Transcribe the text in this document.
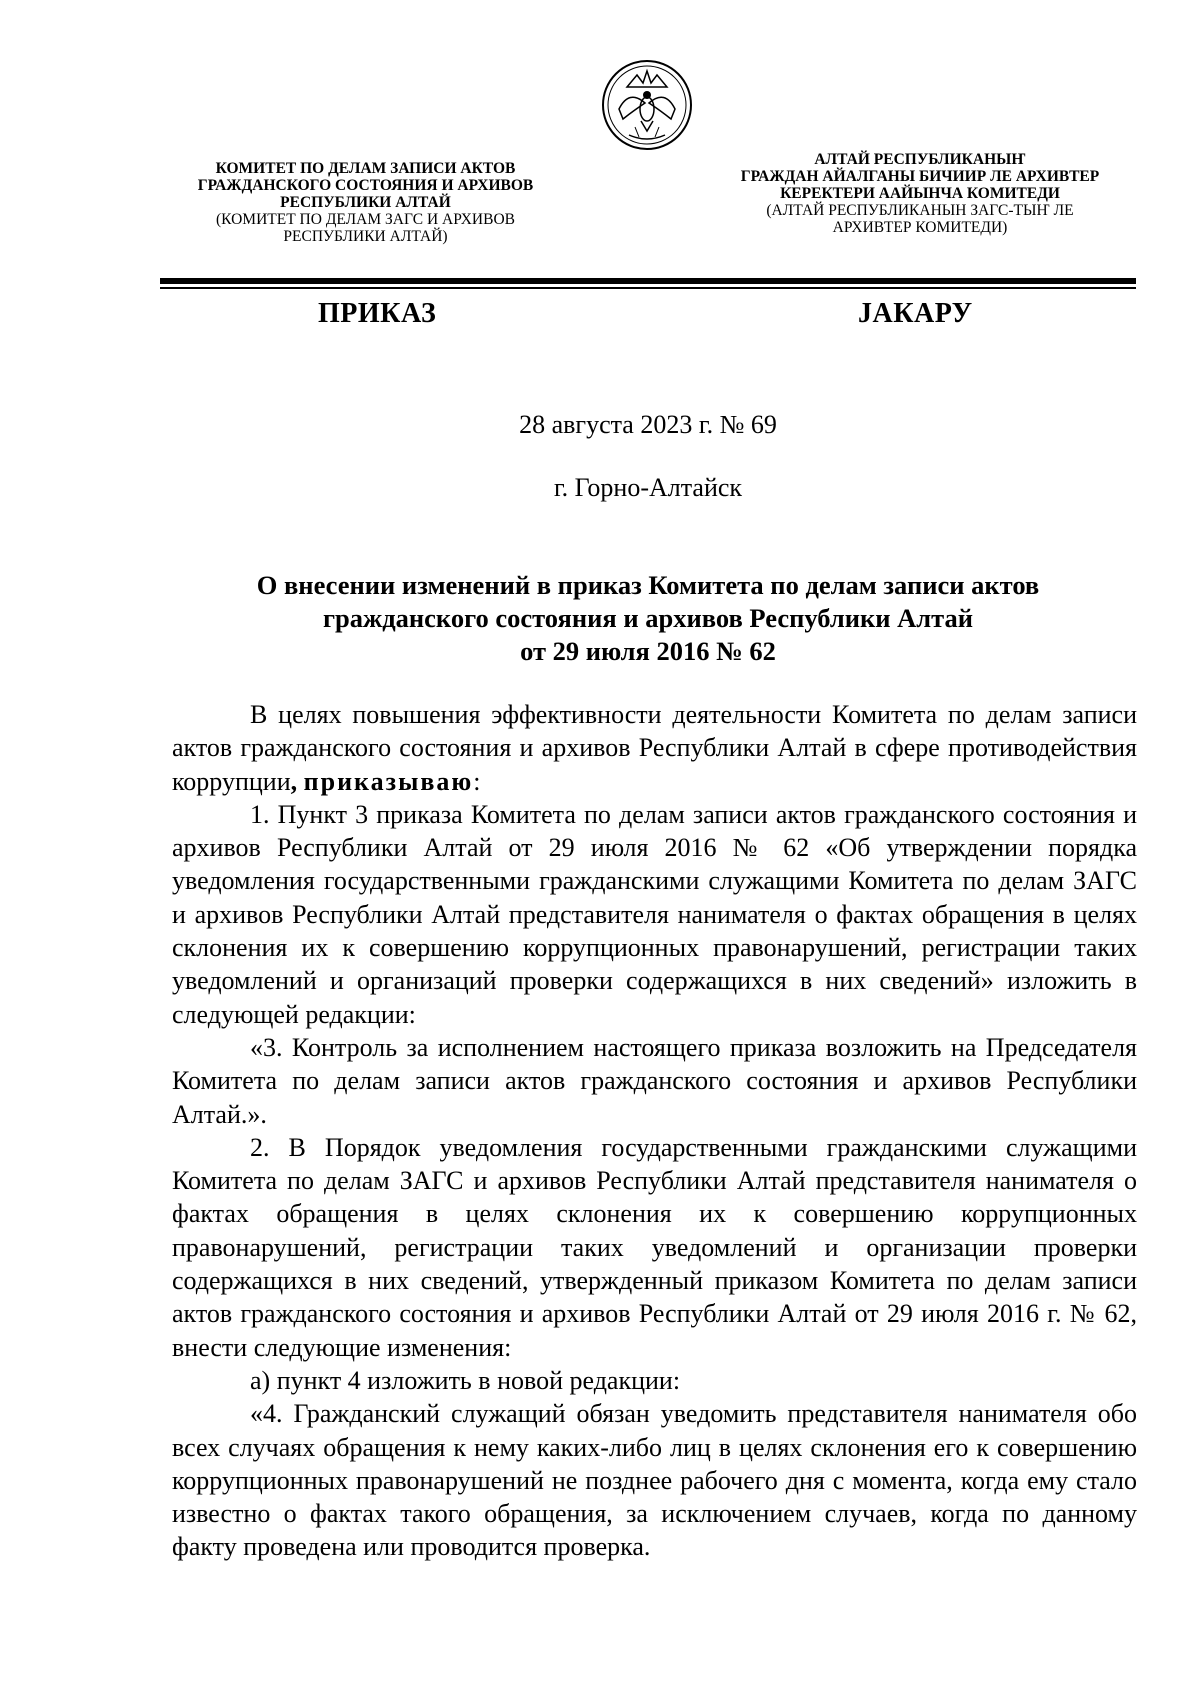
КОМИТЕТ ПО ДЕЛАМ ЗАПИСИ АКТОВ
ГРАЖДАНСКОГО СОСТОЯНИЯ И АРХИВОВ
РЕСПУБЛИКИ АЛТАЙ
(КОМИТЕТ ПО ДЕЛАМ ЗАГС И АРХИВОВ
РЕСПУБЛИКИ АЛТАЙ)
АЛТАЙ РЕСПУБЛИКАНЫҤ
ГРАЖДАН АЙАЛГАНЫ БИЧИИР ЛЕ АРХИВТЕР
КЕРЕКТЕРИ ААЙЫНЧА КОМИТЕДИ
(АЛТАЙ РЕСПУБЛИКАНЫН ЗАГС-ТЫҤ ЛЕ
АРХИВТЕР КОМИТЕДИ)
ПРИКАЗ	ЈАКАРУ
28 августа 2023 г. № 69
г. Горно-Алтайск
О внесении изменений в приказ Комитета по делам записи актов
гражданского состояния и архивов Республики Алтай
от 29 июля 2016 № 62

В целях повышения эффективности деятельности Комитета по делам записи актов гражданского состояния и архивов Республики Алтай в сфере противодействия коррупции, приказываю:

1. Пункт 3 приказа Комитета по делам записи актов гражданского состояния и архивов Республики Алтай от 29 июля 2016 № 62 «Об утверждении порядка уведомления государственными гражданскими служащими Комитета по делам ЗАГС и архивов Республики Алтай представителя нанимателя о фактах обращения в целях склонения их к совершению коррупционных правонарушений, регистрации таких уведомлений и организаций проверки содержащихся в них сведений» изложить в следующей редакции:

«3. Контроль за исполнением настоящего приказа возложить на Председателя Комитета по делам записи актов гражданского состояния и архивов Республики Алтай.».

2. В Порядок уведомления государственными гражданскими служащими Комитета по делам ЗАГС и архивов Республики Алтай представителя нанимателя о фактах обращения в целях склонения их к совершению коррупционных правонарушений, регистрации таких уведомлений и организации проверки содержащихся в них сведений, утвержденный приказом Комитета по делам записи актов гражданского состояния и архивов Республики Алтай от 29 июля 2016 г. № 62, внести следующие изменения:

а) пункт 4 изложить в новой редакции:

«4. Гражданский служащий обязан уведомить представителя нанимателя обо всех случаях обращения к нему каких-либо лиц в целях склонения его к совершению коррупционных правонарушений не позднее рабочего дня с момента, когда ему стало известно о фактах такого обращения, за исключением случаев, когда по данному факту проведена или проводится проверка.
